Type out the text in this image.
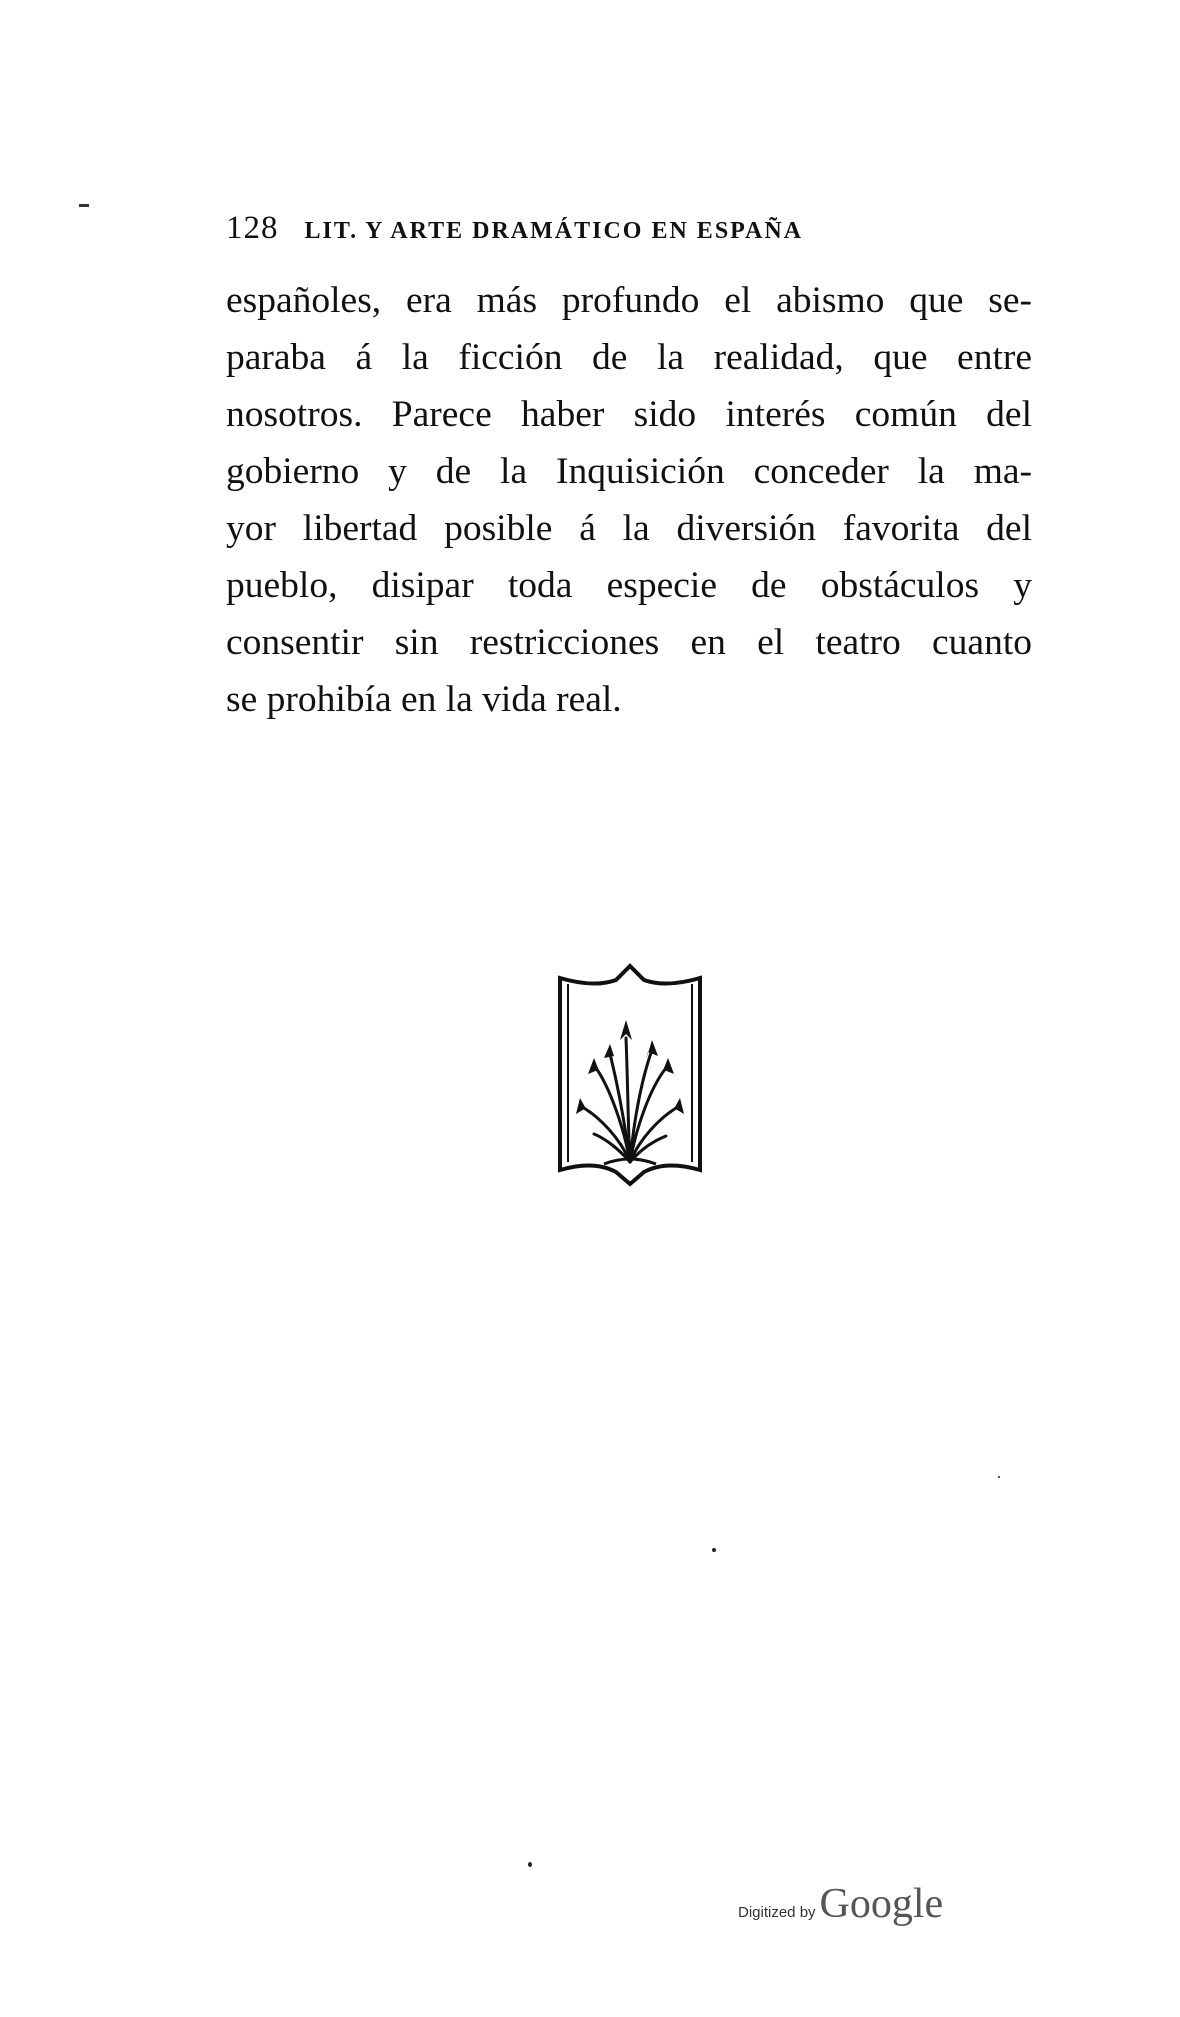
128 LIT. Y ARTE DRAMÁTICO EN ESPAÑA
españoles, era más profundo el abismo que se-
paraba á la ficción de la realidad, que entre
nosotros. Parece haber sido interés común del
gobierno y de la Inquisición conceder la ma-
yor libertad posible á la diversión favorita del
pueblo, disipar toda especie de obstáculos y
consentir sin restricciones en el teatro cuanto
se prohibía en la vida real.
Digitized by Google
